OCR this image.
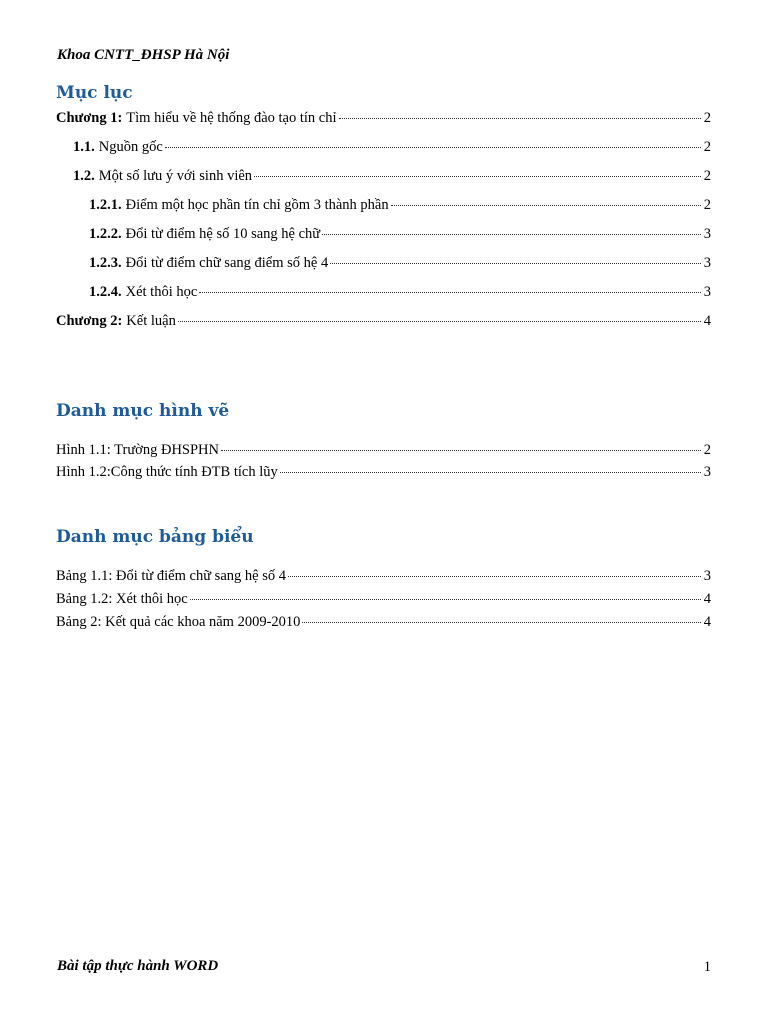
Khoa CNTT_ĐHSP Hà Nội
Mục lục
Chương 1: Tìm hiểu về hệ thống đào tạo tín chỉ	2
1.1. Nguồn gốc	2
1.2. Một số lưu ý với sinh viên	2
1.2.1. Điểm một học phần tín chỉ gồm 3 thành phần	2
1.2.2. Đổi từ điểm hệ số 10 sang hệ chữ	3
1.2.3. Đổi từ điểm chữ sang điểm số hệ 4	3
1.2.4. Xét thôi học	3
Chương 2: Kết luận	4
Danh mục hình vẽ
Hình 1.1: Trường ĐHSPHN	2
Hình 1.2:Công thức tính ĐTB tích lũy	3
Danh mục bảng biểu
Bảng 1.1: Đổi từ điểm chữ sang hệ số 4	3
Bảng 1.2: Xét thôi học	4
Bảng 2: Kết quả các khoa năm 2009-2010	4
Bài tập thực hành WORD	1
